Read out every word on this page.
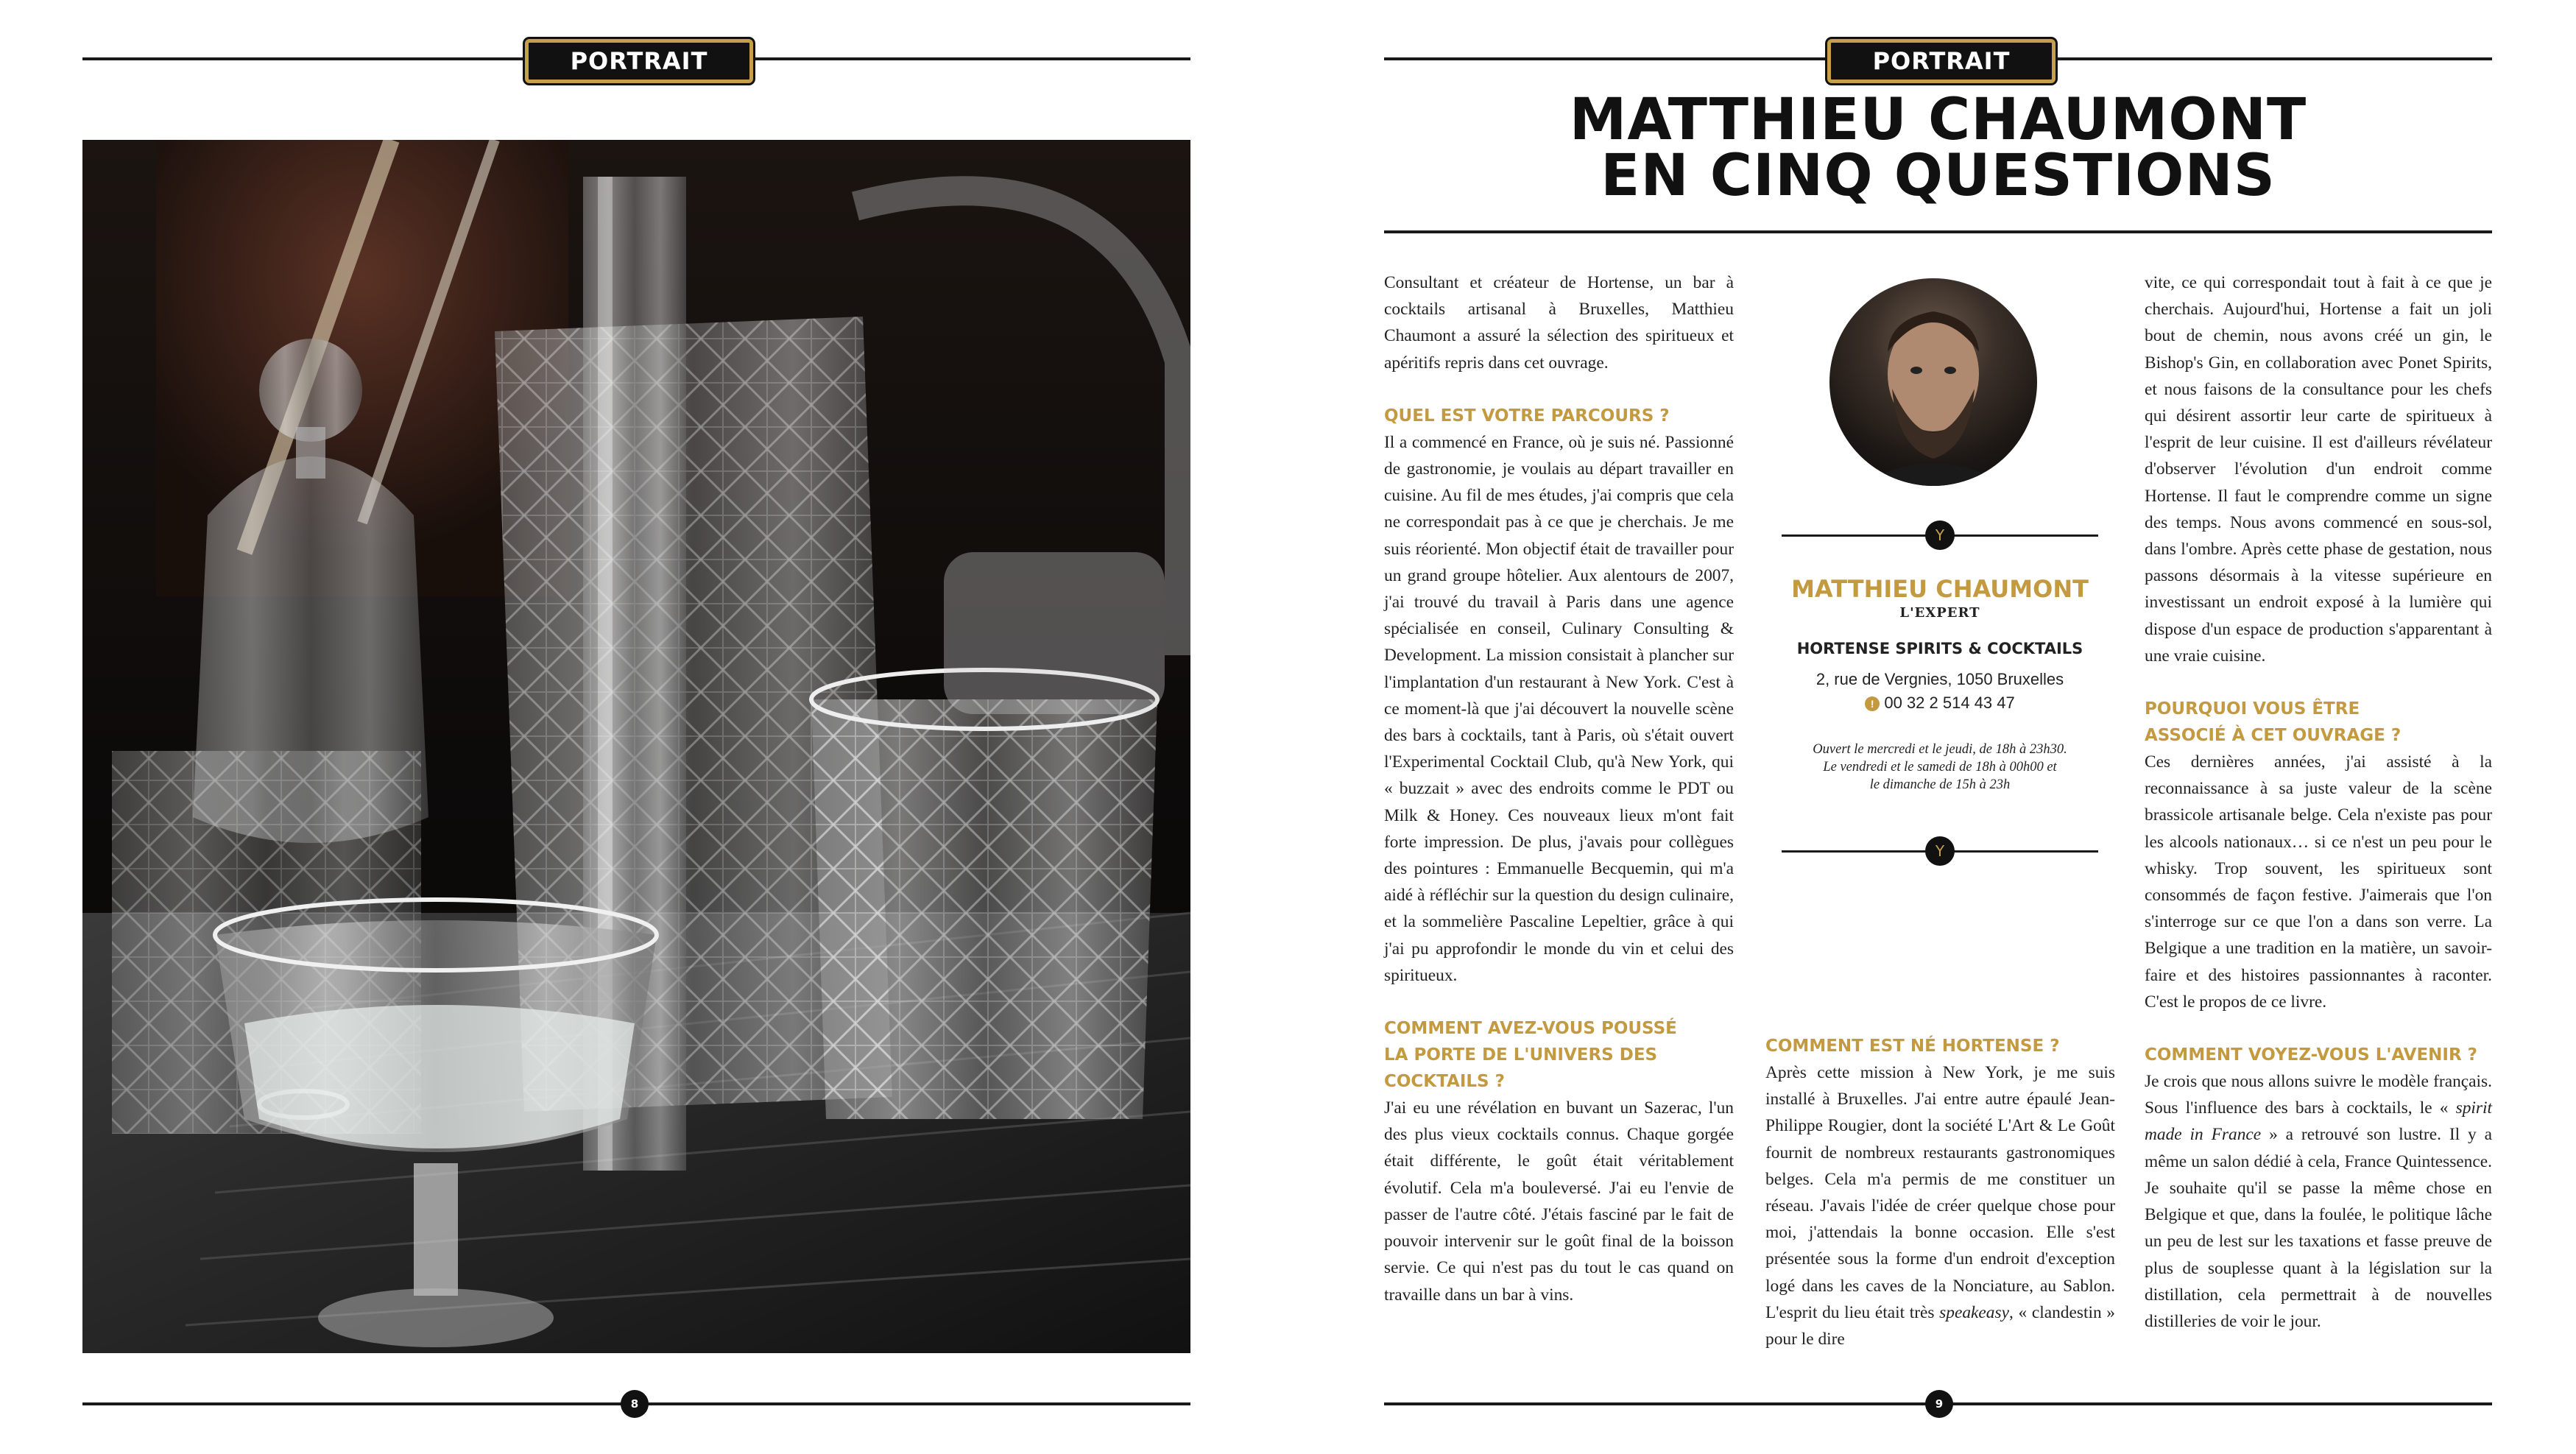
PORTRAIT
8
PORTRAIT
MATTHIEU CHAUMONT
EN CINQ QUESTIONS

Consultant et créateur de Hortense, un bar à cocktails artisanal à Bruxelles, Matthieu Chaumont a assuré la sélection des spiritueux et apéritifs repris dans cet ouvrage.

QUEL EST VOTRE PARCOURS ?

Il a commencé en France, où je suis né. Passionné de gastronomie, je voulais au départ travailler en cuisine. Au fil de mes études, j'ai compris que cela ne correspondait pas à ce que je cherchais. Je me suis réorienté. Mon objectif était de travailler pour un grand groupe hôtelier. Aux alentours de 2007, j'ai trouvé du travail à Paris dans une agence spécialisée en conseil, Culinary Consulting & Development. La mission consistait à plancher sur l'implantation d'un restaurant à New York. C'est à ce moment-là que j'ai découvert la nouvelle scène des bars à cocktails, tant à Paris, où s'était ouvert l'Experimental Cocktail Club, qu'à New York, qui « buzzait » avec des endroits comme le PDT ou Milk & Honey. Ces nouveaux lieux m'ont fait forte impression. De plus, j'avais pour collègues des pointures : Emmanuelle Becquemin, qui m'a aidé à réfléchir sur la question du design culinaire, et la sommelière Pascaline Lepeltier, grâce à qui j'ai pu approfondir le monde du vin et celui des spiritueux.

COMMENT AVEZ-VOUS POUSSÉ

LA PORTE DE L'UNIVERS DES

COCKTAILS ?

J'ai eu une révélation en buvant un Sazerac, l'un des plus vieux cocktails connus. Chaque gorgée était différente, le goût était véritablement évolutif. Cela m'a bouleversé. J'ai eu l'envie de passer de l'autre côté. J'étais fasciné par le fait de pouvoir intervenir sur le goût final de la boisson servie. Ce qui n'est pas du tout le cas quand on travaille dans un bar à vins.

Y
MATTHIEU CHAUMONT
L'EXPERT
HORTENSE SPIRITS & COCKTAILS
2, rue de Vergnies, 1050 Bruxelles
! 00 32 2 514 43 47
Ouvert le mercredi et le jeudi, de 18h à 23h30.
Le vendredi et le samedi de 18h à 00h00 et
le dimanche de 15h à 23h
Y

COMMENT EST NÉ HORTENSE ?

Après cette mission à New York, je me suis installé à Bruxelles. J'ai entre autre épaulé Jean-Philippe Rougier, dont la société L'Art & Le Goût fournit de nombreux restaurants gastronomiques belges. Cela m'a permis de me constituer un réseau. J'avais l'idée de créer quelque chose pour moi, j'attendais la bonne occasion. Elle s'est présentée sous la forme d'un endroit d'exception logé dans les caves de la Nonciature, au Sablon. L'esprit du lieu était très speakeasy, « clandestin » pour le dire

vite, ce qui correspondait tout à fait à ce que je cherchais. Aujourd'hui, Hortense a fait un joli bout de chemin, nous avons créé un gin, le Bishop's Gin, en collaboration avec Ponet Spirits, et nous faisons de la consultance pour les chefs qui désirent assortir leur carte de spiritueux à l'esprit de leur cuisine. Il est d'ailleurs révélateur d'observer l'évolution d'un endroit comme Hortense. Il faut le comprendre comme un signe des temps. Nous avons commencé en sous-sol, dans l'ombre. Après cette phase de gestation, nous passons désormais à la vitesse supérieure en investissant un endroit exposé à la lumière qui dispose d'un espace de production s'apparentant à une vraie cuisine.

POURQUOI VOUS ÊTRE

ASSOCIÉ À CET OUVRAGE ?

Ces dernières années, j'ai assisté à la reconnaissance à sa juste valeur de la scène brassicole artisanale belge. Cela n'existe pas pour les alcools nationaux… si ce n'est un peu pour le whisky. Trop souvent, les spiritueux sont consommés de façon festive. J'aimerais que l'on s'interroge sur ce que l'on a dans son verre. La Belgique a une tradition en la matière, un savoir-faire et des histoires passionnantes à raconter. C'est le propos de ce livre.

COMMENT VOYEZ-VOUS L'AVENIR ?

Je crois que nous allons suivre le modèle français. Sous l'influence des bars à cocktails, le « spirit made in France » a retrouvé son lustre. Il y a même un salon dédié à cela, France Quintessence. Je souhaite qu'il se passe la même chose en Belgique et que, dans la foulée, le politique lâche un peu de lest sur les taxations et fasse preuve de plus de souplesse quant à la législation sur la distillation, cela permettrait à de nouvelles distilleries de voir le jour.

9
